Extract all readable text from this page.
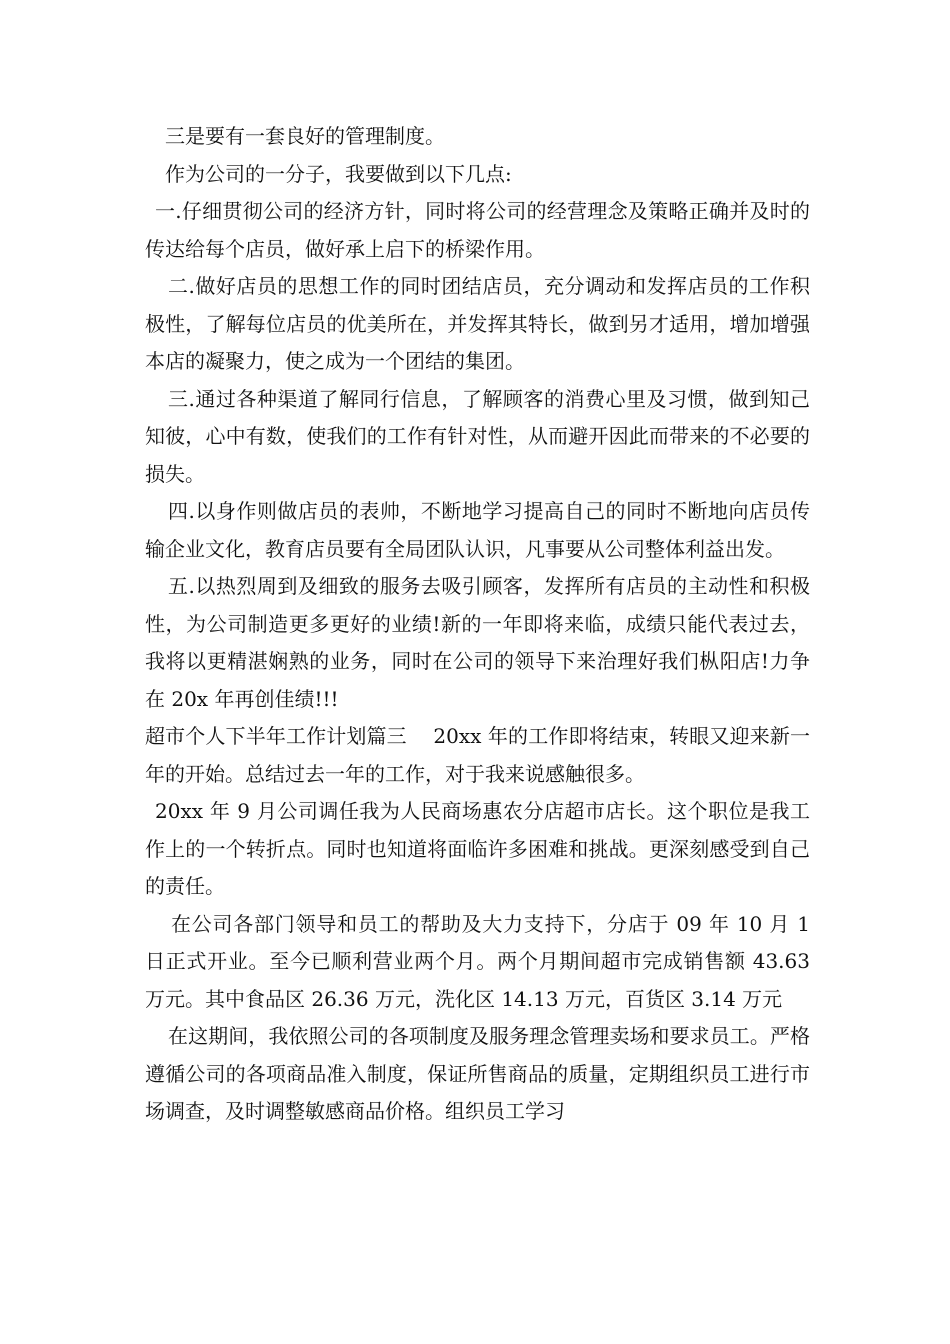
三是要有一套良好的管理制度。

作为公司的一分子，我要做到以下几点:

一.仔细贯彻公司的经济方针，同时将公司的经营理念及策略正确并及时的传达给每个店员，做好承上启下的桥梁作用。

二.做好店员的思想工作的同时团结店员，充分调动和发挥店员的工作积极性，了解每位店员的优美所在，并发挥其特长，做到另才适用，增加增强本店的凝聚力，使之成为一个团结的集团。

三.通过各种渠道了解同行信息，了解顾客的消费心里及习惯，做到知己知彼，心中有数，使我们的工作有针对性，从而避开因此而带来的不必要的损失。

四.以身作则做店员的表帅，不断地学习提高自己的同时不断地向店员传输企业文化，教育店员要有全局团队认识，凡事要从公司整体利益出发。

五.以热烈周到及细致的服务去吸引顾客，发挥所有店员的主动性和积极性，为公司制造更多更好的业绩!新的一年即将来临，成绩只能代表过去，我将以更精湛娴熟的业务，同时在公司的领导下来治理好我们枞阳店!力争在 20x 年再创佳绩!!!

超市个人下半年工作计划篇三　 20xx 年的工作即将结束，转眼又迎来新一年的开始。总结过去一年的工作，对于我来说感触很多。

20xx 年 9 月公司调任我为人民商场惠农分店超市店长。这个职位是我工作上的一个转折点。同时也知道将面临许多困难和挑战。更深刻感受到自己的责任。

在公司各部门领导和员工的帮助及大力支持下，分店于 09 年 10 月 1 日正式开业。至今已顺利营业两个月。两个月期间超市完成销售额 43.63 万元。其中食品区 26.36 万元，洗化区 14.13 万元，百货区 3.14 万元

在这期间，我依照公司的各项制度及服务理念管理卖场和要求员工。严格遵循公司的各项商品准入制度，保证所售商品的质量，定期组织员工进行市场调查，及时调整敏感商品价格。组织员工学习
